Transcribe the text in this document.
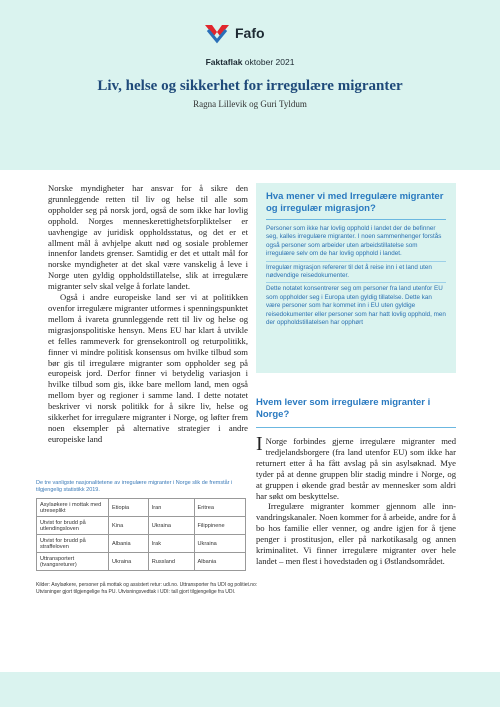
Fafo
Faktaflak oktober 2021
Liv, helse og sikkerhet for irregulære migranter
Ragna Lillevik og Guri Tyldum

Norske myndigheter har ansvar for å sikre den grunnleggende retten til liv og helse til alle som oppholder seg på norsk jord, også de som ikke har lovlig opphold. Norges menneskerettighetsforpliktelser er uavhengige av juridisk oppholdsstatus, og det er et allment mål å avhjelpe akutt nød og sosiale problemer innenfor landets grenser. Samtidig er det et uttalt mål for norske myndigheter at det skal være vanskelig å leve i Norge uten gyldig oppholdstillatelse, slik at irregulære migranter selv skal velge å forlate landet.

Også i andre europeiske land ser vi at politikken ovenfor irregulære migranter utformes i spenningspunktet mellom å ivareta grunnleggende rett til liv og helse og migrasjonspolitiske hensyn. Mens EU har klart å utvikle et felles rammeverk for grensekontroll og returpolitikk, finner vi mindre politisk konsensus om hvilke tilbud som bør gis til irregulære migranter som oppholder seg på europeisk jord. Derfor finner vi betydelig variasjon i hvilke tilbud som gis, ikke bare mellom land, men også mellom byer og regioner i samme land. I dette notatet beskriver vi norsk politikk for å sikre liv, helse og sikkerhet for irregulære migranter i Norge, og løfter frem noen eksempler på alternative strategier i andre europeiske land

De tre vanligste nasjonalitetene av irregulære migranter i Norge slik de fremstår i tilgjengelig statistikk 2019.
Asylsøkere i mottak med utreseplikt	Etiopia	Iran	Eritrea
Utvist for brudd på utlendingsloven	Kina	Ukraina	Filippinene
Utvist for brudd på straffeloven	Albania	Irak	Ukraina
Uttransportert (tvangsreturer)	Ukraina	Russland	Albania
Kilder: Asylsøkere, personer på mottak og assistert retur: udi.no. Uttransporter fra UDI og politiet.no: Utvisninger gjort tilgjengelige fra PU. Utvisningsvedtak i UDI: tall gjort tilgjengelige fra UDI.
Hva mener vi med Irregulære migranter og irregulær migrasjon?

Personer som ikke har lovlig opphold i landet der de befinner seg, kalles irregulære migranter. I noen sammenhenger forstås også personer som arbeider uten arbeidstillatelse som irregulære selv om de har lovlig opphold i landet.

Irregulær migrasjon refererer til det å reise inn i et land uten nødvendige reisedokumenter.

Dette notatet konsentrerer seg om personer fra land utenfor EU som oppholder seg i Europa uten gyldig tillatelse. Dette kan være personer som har kommet inn i EU uten gyldige reisedokumenter eller personer som har hatt lovlig opphold, men der oppholdstillatelsen har opphørt

Hvem lever som irregulære migranter i Norge?

I Norge forbindes gjerne irregulære migranter med tredjelandsborgere (fra land utenfor EU) som ikke har returnert etter å ha fått avslag på sin asylsøknad. Mye tyder på at denne gruppen blir stadig mindre i Norge, og at gruppen i økende grad består av mennesker som aldri har søkt om beskyttelse.

Irregulære migranter kommer gjennom alle innvandringskanaler. Noen kommer for å arbeide, andre for å bo hos familie eller venner, og andre igjen for å tjene penger i prostitusjon, eller på narkotikasalg og annen kriminalitet. Vi finner irregulære migranter over hele landet – men flest i hovedstaden og i Østlandsområdet.
